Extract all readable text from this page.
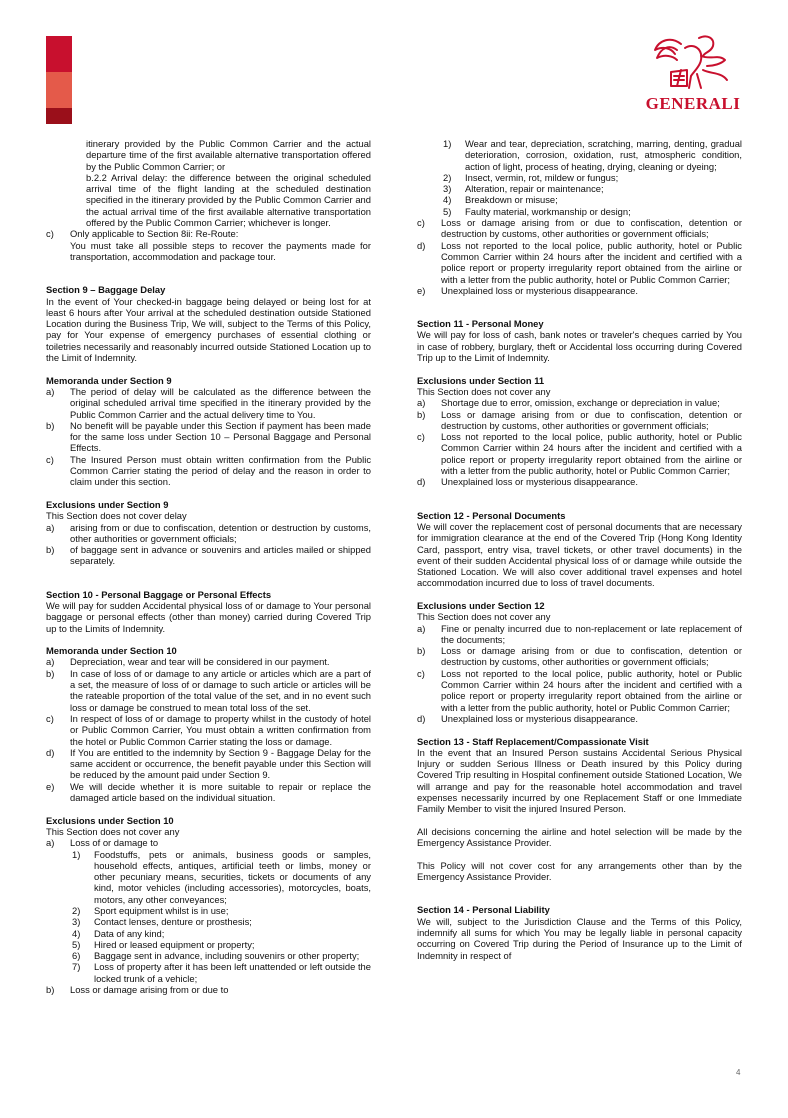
GENERALI
itinerary provided by the Public Common Carrier and the actual departure time of the first available alternative transportation offered by the Public Common Carrier; or
b.2.2 Arrival delay: the difference between the original scheduled arrival time of the flight landing at the scheduled destination specified in the itinerary provided by the Public Common Carrier and the actual arrival time of the first available alternative transportation offered by the Public Common Carrier; whichever is longer.
c) Only applicable to Section 8ii: Re-Route:
You must take all possible steps to recover the payments made for transportation, accommodation and package tour.
Section 9 – Baggage Delay
In the event of Your checked-in baggage being delayed or being lost for at least 6 hours after Your arrival at the scheduled destination outside Stationed Location during the Business Trip, We will, subject to the Terms of this Policy, pay for Your expense of emergency purchases of essential clothing or toiletries necessarily and reasonably incurred outside Stationed Location up to the Limit of Indemnity.
Memoranda under Section 9
a) The period of delay will be calculated as the difference between the original scheduled arrival time specified in the itinerary provided by the Public Common Carrier and the actual delivery time to You.
b) No benefit will be payable under this Section if payment has been made for the same loss under Section 10 – Personal Baggage and Personal Effects.
c) The Insured Person must obtain written confirmation from the Public Common Carrier stating the period of delay and the reason in order to claim under this section.
Exclusions under Section 9
This Section does not cover delay
a) arising from or due to confiscation, detention or destruction by customs, other authorities or government officials;
b) of baggage sent in advance or souvenirs and articles mailed or shipped separately.
Section 10 - Personal Baggage or Personal Effects
We will pay for sudden Accidental physical loss of or damage to Your personal baggage or personal effects (other than money) carried during Covered Trip up to the Limits of Indemnity.
Memoranda under Section 10
a) Depreciation, wear and tear will be considered in our payment.
b) In case of loss of or damage to any article or articles which are a part of a set, the measure of loss of or damage to such article or articles will be the rateable proportion of the total value of the set, and in no event such loss or damage be construed to mean total loss of the set.
c) In respect of loss of or damage to property whilst in the custody of hotel or Public Common Carrier, You must obtain a written confirmation from the hotel or Public Common Carrier stating the loss or damage.
d) If You are entitled to the indemnity by Section 9 - Baggage Delay for the same accident or occurrence, the benefit payable under this Section will be reduced by the amount paid under Section 9.
e) We will decide whether it is more suitable to repair or replace the damaged article based on the individual situation.
Exclusions under Section 10
This Section does not cover any
a) Loss of or damage to
1) Foodstuffs, pets or animals, business goods or samples, household effects, antiques, artificial teeth or limbs, money or other pecuniary means, securities, tickets or documents of any kind, motor vehicles (including accessories), motorcycles, boats, motors, any other conveyances;
2) Sport equipment whilst is in use;
3) Contact lenses, denture or prosthesis;
4) Data of any kind;
5) Hired or leased equipment or property;
6) Baggage sent in advance, including souvenirs or other property;
7) Loss of property after it has been left unattended or left outside the locked trunk of a vehicle;
b) Loss or damage arising from or due to
1) Wear and tear, depreciation, scratching, marring, denting, gradual deterioration, corrosion, oxidation, rust, atmospheric condition, action of light, process of heating, drying, cleaning or dyeing;
2) Insect, vermin, rot, mildew or fungus;
3) Alteration, repair or maintenance;
4) Breakdown or misuse;
5) Faulty material, workmanship or design;
c) Loss or damage arising from or due to confiscation, detention or destruction by customs, other authorities or government officials;
d) Loss not reported to the local police, public authority, hotel or Public Common Carrier within 24 hours after the incident and certified with a police report or property irregularity report obtained from the airline or with a letter from the public authority, hotel or Public Common Carrier;
e) Unexplained loss or mysterious disappearance.
Section 11 - Personal Money
We will pay for loss of cash, bank notes or traveler's cheques carried by You in case of robbery, burglary, theft or Accidental loss occurring during Covered Trip up to the Limit of Indemnity.
Exclusions under Section 11
This Section does not cover any
a) Shortage due to error, omission, exchange or depreciation in value;
b) Loss or damage arising from or due to confiscation, detention or destruction by customs, other authorities or government officials;
c) Loss not reported to the local police, public authority, hotel or Public Common Carrier within 24 hours after the incident and certified with a police report or property irregularity report obtained from the airline or with a letter from the public authority, hotel or Public Common Carrier;
d) Unexplained loss or mysterious disappearance.
Section 12 - Personal Documents
We will cover the replacement cost of personal documents that are necessary for immigration clearance at the end of the Covered Trip (Hong Kong Identity Card, passport, entry visa, travel tickets, or other travel documents) in the event of their sudden Accidental physical loss of or damage while outside the Stationed Location. We will also cover additional travel expenses and hotel accommodation incurred due to loss of travel documents.
Exclusions under Section 12
This Section does not cover any
a) Fine or penalty incurred due to non-replacement or late replacement of the documents;
b) Loss or damage arising from or due to confiscation, detention or destruction by customs, other authorities or government officials;
c) Loss not reported to the local police, public authority, hotel or Public Common Carrier within 24 hours after the incident and certified with a police report or property irregularity report obtained from the airline or with a letter from the public authority, hotel or Public Common Carrier;
d) Unexplained loss or mysterious disappearance.
Section 13 - Staff Replacement/Compassionate Visit
In the event that an Insured Person sustains Accidental Serious Physical Injury or sudden Serious Illness or Death insured by this Policy during Covered Trip resulting in Hospital confinement outside Stationed Location, We will arrange and pay for the reasonable hotel accommodation and travel expenses necessarily incurred by one Replacement Staff or one Immediate Family Member to visit the injured Insured Person.
All decisions concerning the airline and hotel selection will be made by the Emergency Assistance Provider.
This Policy will not cover cost for any arrangements other than by the Emergency Assistance Provider.
Section 14 - Personal Liability
We will, subject to the Jurisdiction Clause and the Terms of this Policy, indemnify all sums for which You may be legally liable in personal capacity occurring on Covered Trip during the Period of Insurance up to the Limit of Indemnity in respect of
4
